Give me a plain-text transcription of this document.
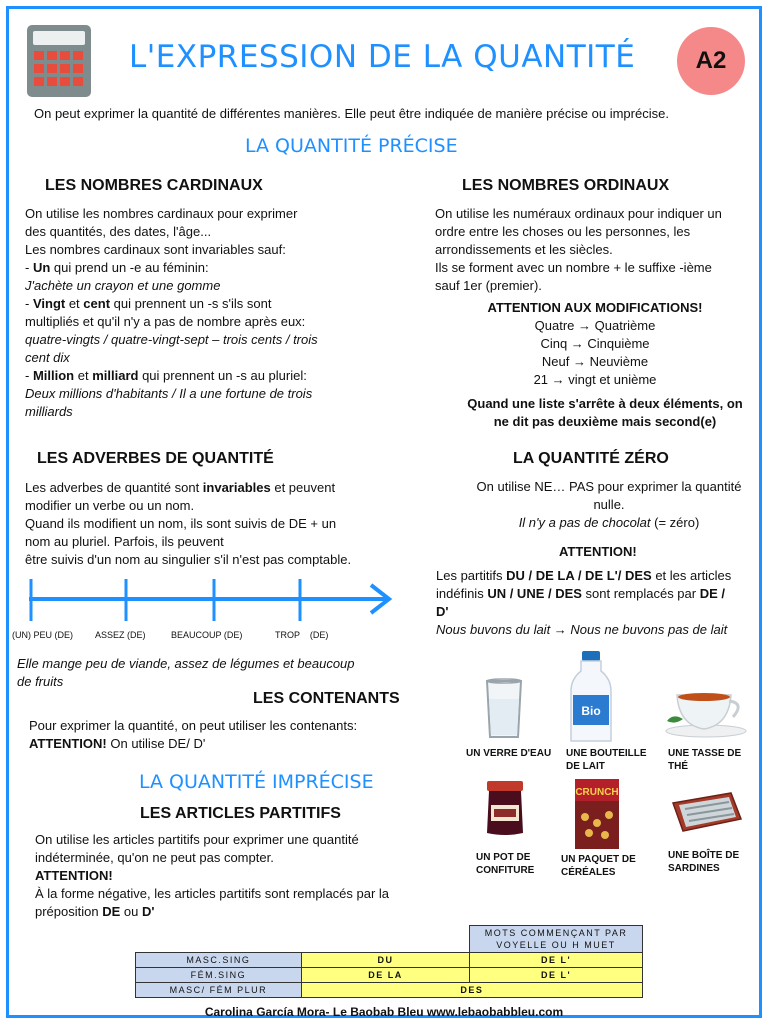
L'EXPRESSION DE LA QUANTITÉ	A2
On peut exprimer la quantité de différentes manières. Elle peut être indiquée de manière précise ou imprécise.
LA QUANTITÉ PRÉCISE
LES NOMBRES CARDINAUX
On utilise les nombres cardinaux pour exprimer
des quantités, des dates, l'âge...
Les nombres cardinaux sont invariables sauf:
- Un qui prend un -e au féminin:
J'achète un crayon et une gomme
- Vingt et cent qui prennent un -s s'ils sont
multipliés et qu'il n'y a pas de nombre après eux:
quatre-vingts / quatre-vingt-sept – trois cents / trois
cent dix
- Million et milliard qui prennent un -s au pluriel:
Deux millions d'habitants / Il a une fortune de trois
milliards
LES NOMBRES ORDINAUX
On utilise les numéraux ordinaux pour indiquer un
ordre entre les choses ou les personnes, les
arrondissements et les siècles.
Ils se forment avec un nombre + le suffixe -ième
sauf 1er (premier).
ATTENTION AUX MODIFICATIONS!
Quatre → Quatrième
Cinq → Cinquième
Neuf → Neuvième
21 → vingt et unième
Quand une liste s'arrête à deux éléments, on
ne dit pas deuxième mais second(e)
LES ADVERBES DE QUANTITÉ
Les adverbes de quantité sont invariables et peuvent
modifier un verbe ou un nom.
Quand ils modifient un nom, ils sont suivis de DE + un
nom au pluriel. Parfois, ils peuvent
être suivis d'un nom au singulier s'il n'est pas comptable.
(UN) PEU (DE) ASSEZ (DE)	BEAUCOUP (DE)	TROP    (DE)
Elle mange peu de viande, assez de légumes et beaucoup
de fruits
LA QUANTITÉ ZÉRO
On utilise NE… PAS pour exprimer la quantité
nulle.
Il n'y a pas de chocolat (= zéro)
ATTENTION!
Les partitifs DU / DE LA / DE L'/ DES et les articles
indéfinis UN / UNE / DES sont remplacés par DE /
D'
Nous buvons du lait → Nous ne buvons pas de lait
LES CONTENANTS
Pour exprimer la quantité, on peut utiliser les contenants:
ATTENTION! On utilise DE/ D'
Bio
CRUNCH
UN VERRE D'EAU UNE BOUTEILLE
DE LAIT
UNE TASSE DE
THÉ
UN POT DE
CONFITURE
UN PAQUET DE
CÉRÉALES
UNE BOÎTE DE
SARDINES
LA QUANTITÉ IMPRÉCISE
LES ARTICLES PARTITIFS
On utilise les articles partitifs pour exprimer une quantité
indéterminée, qu'on ne peut pas compter.
ATTENTION!
À la forme négative, les articles partitifs sont remplacés par la
préposition DE ou D'

		MOTS COMMENÇANT PAR
VOYELLE OU H MUET

MASC.SING	DU	DE L'
FÉM.SING	DE LA	DE L'
MASC/ FÉM PLUR	DES	
Carolina García Mora- Le Baobab Bleu www.lebaobabbleu.com
